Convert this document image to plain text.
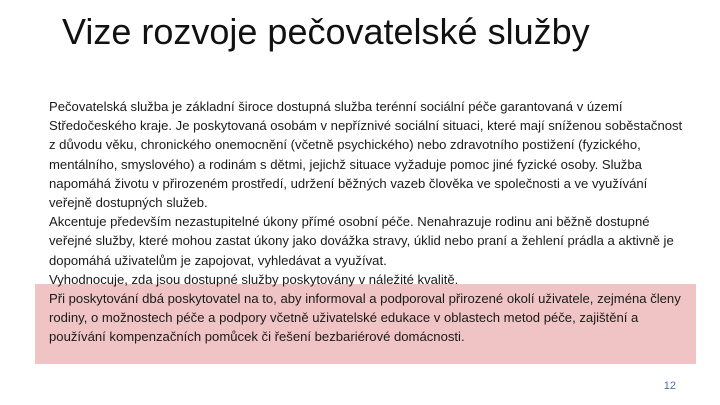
Vize rozvoje pečovatelské služby

Pečovatelská služba je základní široce dostupná služba terénní sociální péče garantovaná v území Středočeského kraje. Je poskytovaná osobám v nepříznivé sociální situaci, které mají sníženou soběstačnost z důvodu věku, chronického onemocnění (včetně psychického) nebo zdravotního postižení (fyzického, mentálního, smyslového) a rodinám s dětmi, jejichž situace vyžaduje pomoc jiné fyzické osoby. Služba napomáhá životu v přirozeném prostředí, udržení běžných vazeb člověka ve společnosti a ve využívání veřejně dostupných služeb.

Akcentuje především nezastupitelné úkony přímé osobní péče. Nenahrazuje rodinu ani běžně dostupné veřejné služby, které mohou zastat úkony jako dovážka stravy, úklid nebo praní a žehlení prádla a aktivně je dopomáhá uživatelům je zapojovat, vyhledávat a využívat.

Vyhodnocuje, zda jsou dostupné služby poskytovány v náležité kvalitě.

Při poskytování dbá poskytovatel na to, aby informoval a podporoval přirozené okolí uživatele, zejména členy rodiny, o možnostech péče a podpory včetně uživatelské edukace v oblastech metod péče, zajištění a používání kompenzačních pomůcek či řešení bezbariérové domácnosti.

12
